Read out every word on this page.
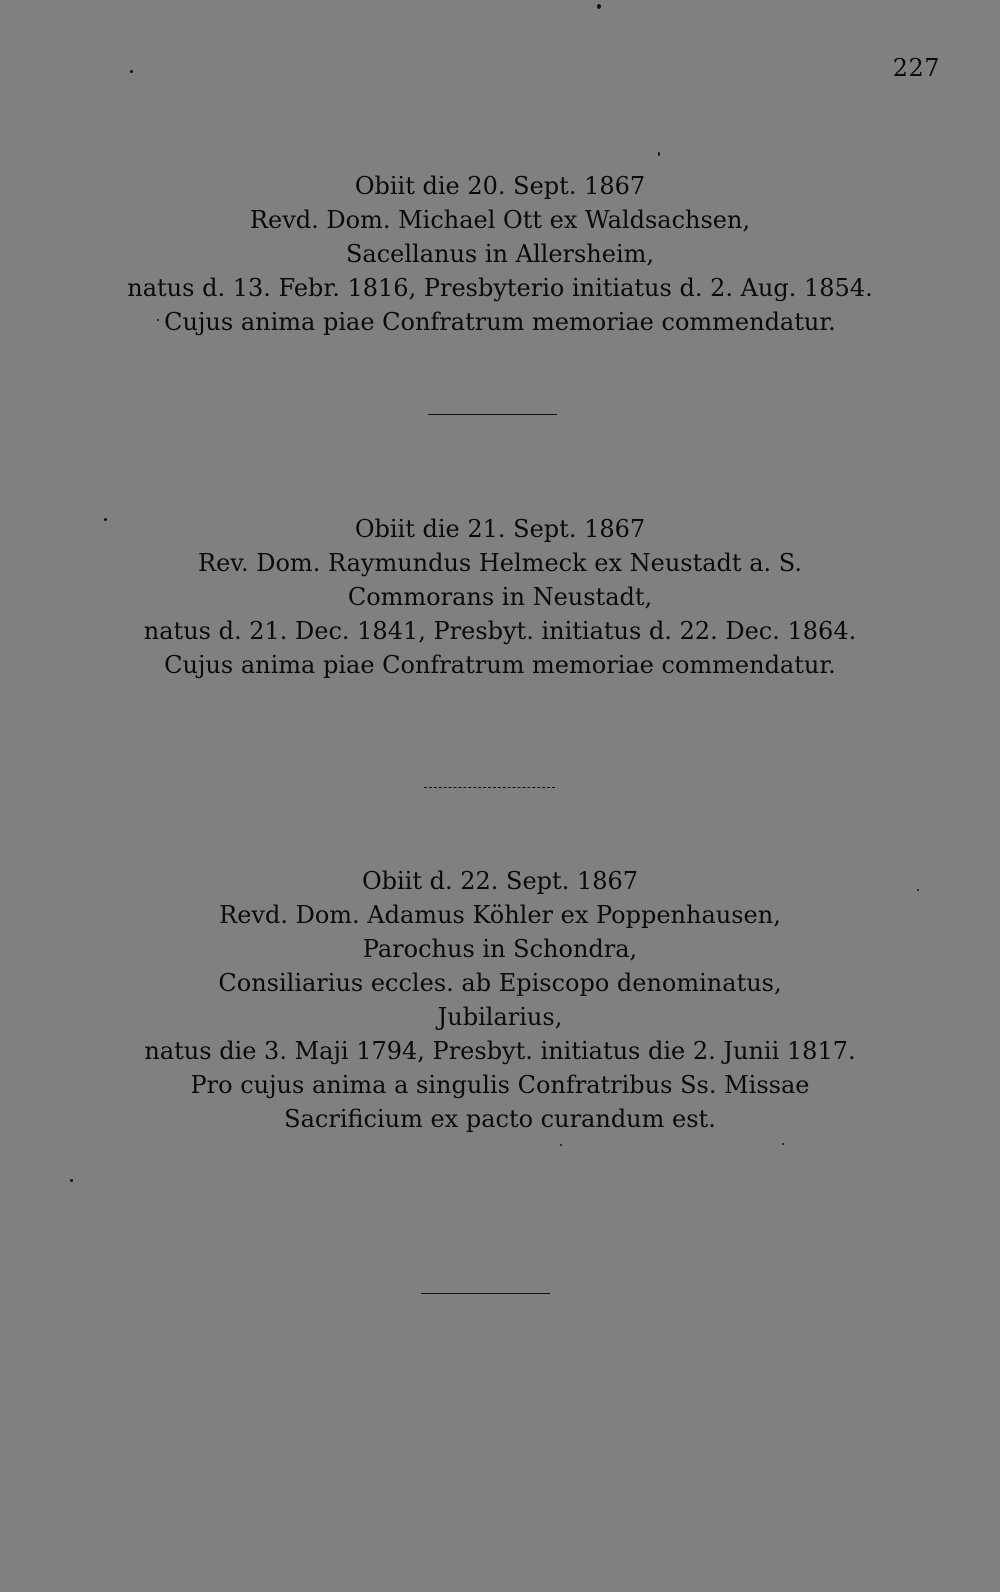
227
Obiit die 20. Sept. 1867
Revd. Dom. Michael Ott ex Waldsachsen,
Sacellanus in Allersheim,
natus d. 13. Febr. 1816, Presbyterio initiatus d. 2. Aug. 1854.
Cujus anima piae Confratrum memoriae commendatur.
Obiit die 21. Sept. 1867
Rev. Dom. Raymundus Helmeck ex Neustadt a. S.
Commorans in Neustadt,
natus d. 21. Dec. 1841, Presbyt. initiatus d. 22. Dec. 1864.
Cujus anima piae Confratrum memoriae commendatur.
Obiit d. 22. Sept. 1867
Revd. Dom. Adamus Köhler ex Poppenhausen,
Parochus in Schondra,
Consiliarius eccles. ab Episcopo denominatus,
Jubilarius,
natus die 3. Maji 1794, Presbyt. initiatus die 2. Junii 1817.
Pro cujus anima a singulis Confratribus Ss. Missae
Sacrificium ex pacto curandum est.
